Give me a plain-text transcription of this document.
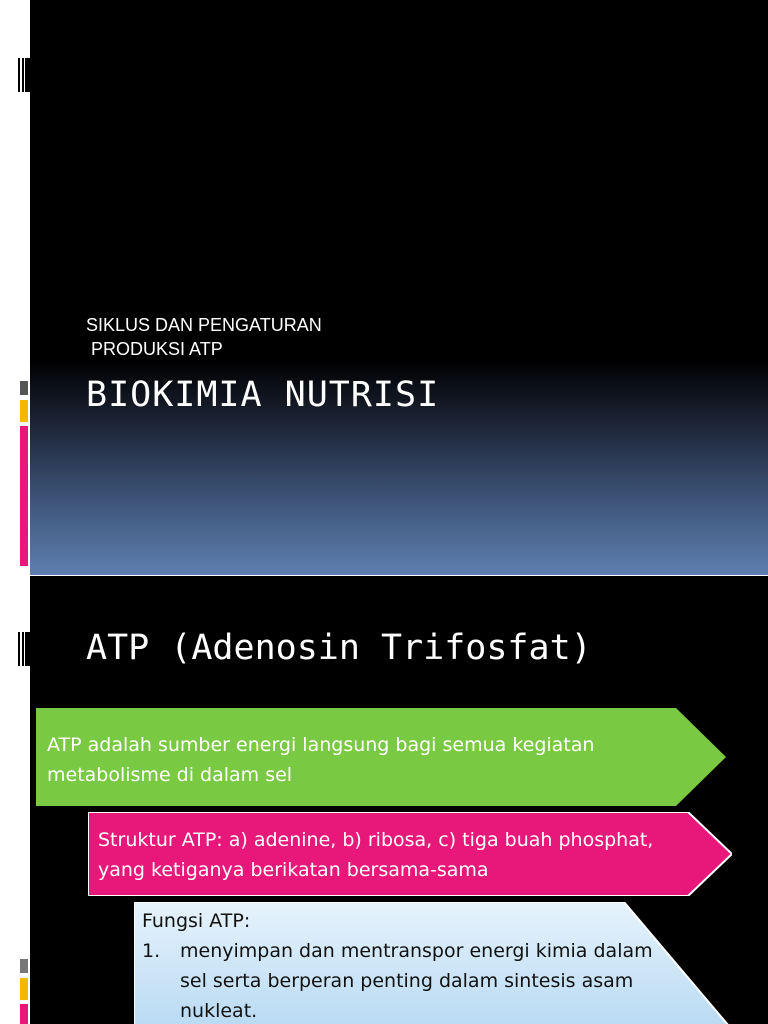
SIKLUS DAN PENGATURAN
PRODUKSI ATP
BIOKIMIA NUTRISI
ATP (Adenosin Trifosfat)
ATP adalah sumber energi langsung bagi semua kegiatan metabolisme di dalam sel
Struktur ATP: a) adenine, b) ribosa, c) tiga buah phosphat, yang ketiganya berikatan bersama-sama
Fungsi ATP:
1.	menyimpan dan mentranspor energi kimia dalam sel serta berperan penting dalam sintesis asam nukleat.
